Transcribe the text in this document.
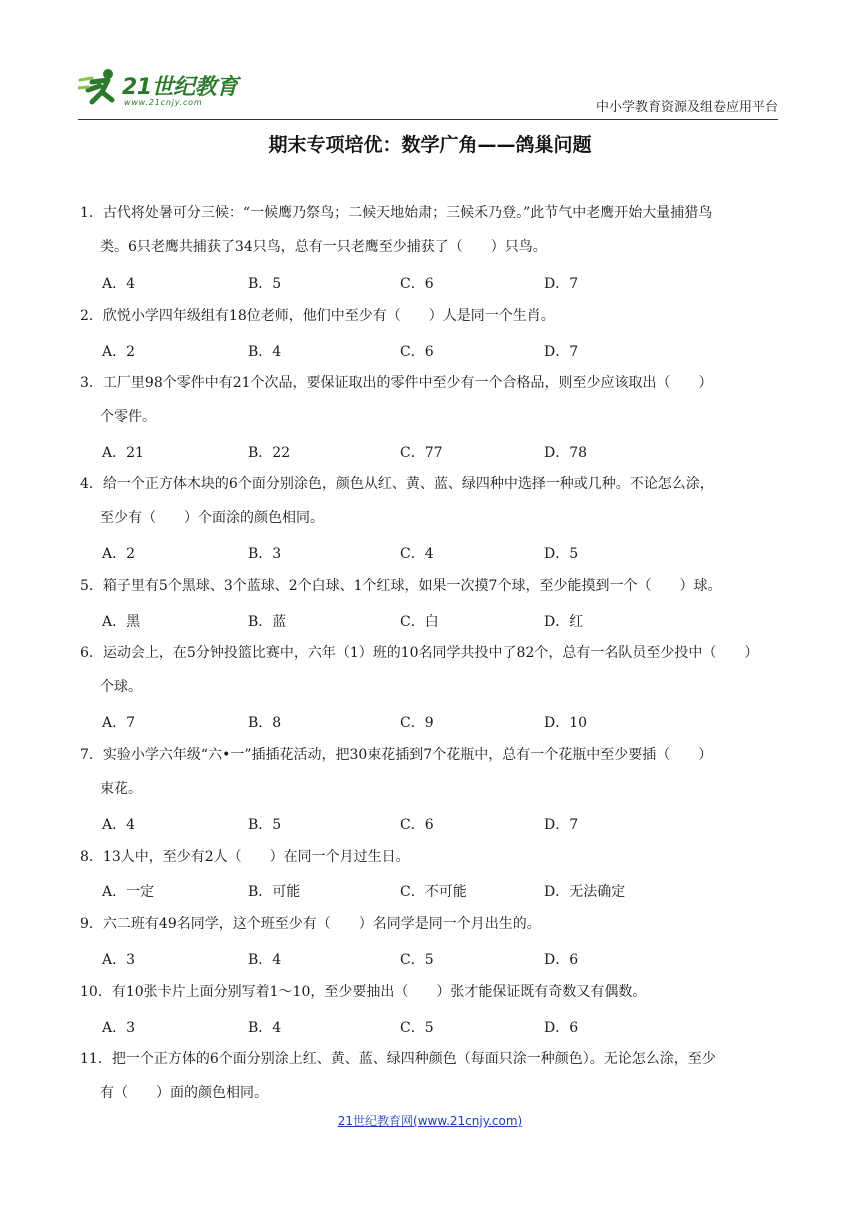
21世纪教育
www.21cnjy.com	中小学教育资源及组卷应用平台
期末专项培优：数学广角——鸽巢问题
1．古代将处暑可分三候：“一候鹰乃祭鸟；二候天地始肃；三候禾乃登。”此节气中老鹰开始大量捕猎鸟
类。6只老鹰共捕获了34只鸟，总有一只老鹰至少捕获了（　　）只鸟。
A．4	B．5	C．6	D．7
2．欣悦小学四年级组有18位老师，他们中至少有（　　）人是同一个生肖。
A．2	B．4	C．6	D．7
3．工厂里98个零件中有21个次品，要保证取出的零件中至少有一个合格品，则至少应该取出（　　）
个零件。
A．21	B．22	C．77	D．78
4．给一个正方体木块的6个面分别涂色，颜色从红、黄、蓝、绿四种中选择一种或几种。不论怎么涂，
至少有（　　）个面涂的颜色相同。
A．2	B．3	C．4	D．5
5．箱子里有5个黑球、3个蓝球、2个白球、1个红球，如果一次摸7个球，至少能摸到一个（　　）球。
A．黑	B．蓝	C．白	D．红
6．运动会上，在5分钟投篮比赛中，六年（1）班的10名同学共投中了82个，总有一名队员至少投中（　　）
个球。
A．7	B．8	C．9	D．10
7．实验小学六年级“六•一”插插花活动，把30束花插到7个花瓶中，总有一个花瓶中至少要插（　　）
束花。
A．4	B．5	C．6	D．7
8．13人中，至少有2人（　　）在同一个月过生日。
A．一定	B．可能	C．不可能	D．无法确定
9．六二班有49名同学，这个班至少有（　　）名同学是同一个月出生的。
A．3	B．4	C．5	D．6
10．有10张卡片上面分别写着1～10，至少要抽出（　　）张才能保证既有奇数又有偶数。
A．3	B．4	C．5	D．6
11．把一个正方体的6个面分别涂上红、黄、蓝、绿四种颜色（每面只涂一种颜色）。无论怎么涂，至少
有（　　）面的颜色相同。
21世纪教育网(www.21cnjy.com)
